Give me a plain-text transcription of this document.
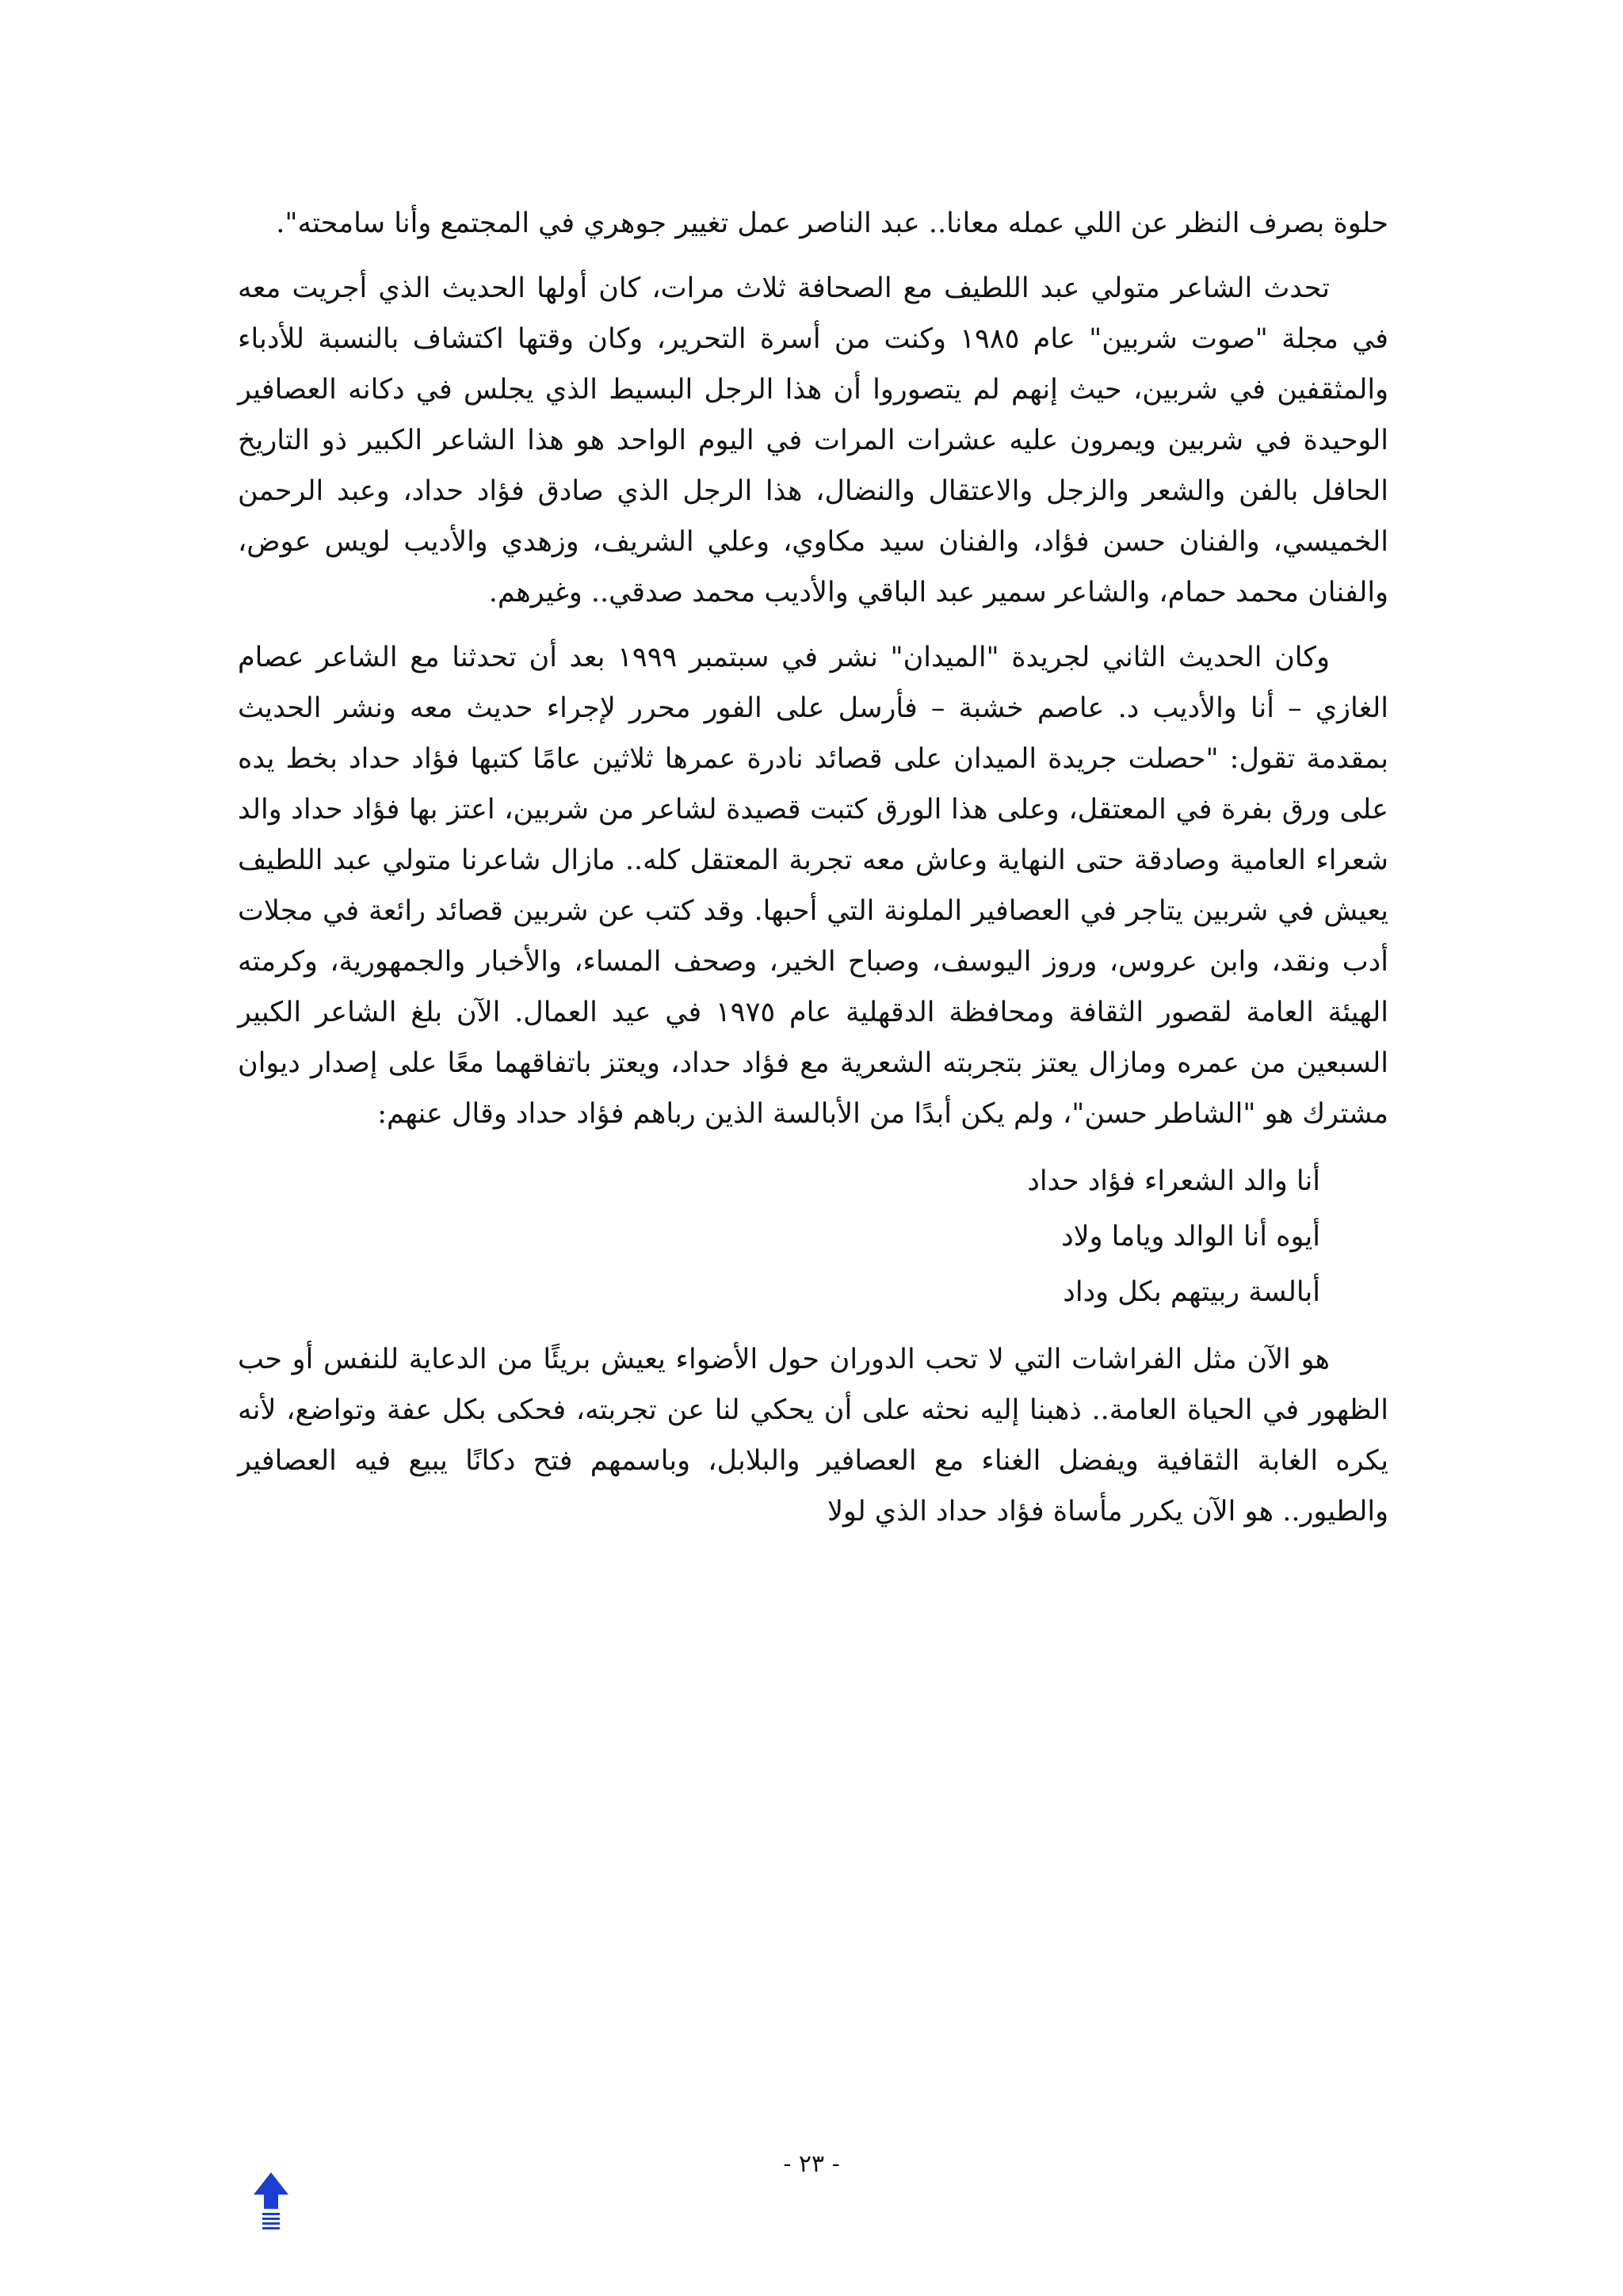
حلوة بصرف النظر عن اللي عمله معانا.. عبد الناصر عمل تغيير جوهري في المجتمع وأنا سامحته".

تحدث الشاعر متولي عبد اللطيف مع الصحافة ثلاث مرات، كان أولها الحديث الذي أجريت معه في مجلة "صوت شربين" عام ١٩٨٥ وكنت من أسرة التحرير، وكان وقتها اكتشاف بالنسبة للأدباء والمثقفين في شربين، حيث إنهم لم يتصوروا أن هذا الرجل البسيط الذي يجلس في دكانه العصافير الوحيدة في شربين ويمرون عليه عشرات المرات في اليوم الواحد هو هذا الشاعر الكبير ذو التاريخ الحافل بالفن والشعر والزجل والاعتقال والنضال، هذا الرجل الذي صادق فؤاد حداد، وعبد الرحمن الخميسي، والفنان حسن فؤاد، والفنان سيد مكاوي، وعلي الشريف، وزهدي والأديب لويس عوض، والفنان محمد حمام، والشاعر سمير عبد الباقي والأديب محمد صدقي.. وغيرهم.

وكان الحديث الثاني لجريدة "الميدان" نشر في سبتمبر ١٩٩٩ بعد أن تحدثنا مع الشاعر عصام الغازي – أنا والأديب د. عاصم خشبة – فأرسل على الفور محرر لإجراء حديث معه ونشر الحديث بمقدمة تقول: "حصلت جريدة الميدان على قصائد نادرة عمرها ثلاثين عامًا كتبها فؤاد حداد بخط يده على ورق بفرة في المعتقل، وعلى هذا الورق كتبت قصيدة لشاعر من شربين، اعتز بها فؤاد حداد والد شعراء العامية وصادقة حتى النهاية وعاش معه تجربة المعتقل كله.. مازال شاعرنا متولي عبد اللطيف يعيش في شربين يتاجر في العصافير الملونة التي أحبها. وقد كتب عن شربين قصائد رائعة في مجلات أدب ونقد، وابن عروس، وروز اليوسف، وصباح الخير، وصحف المساء، والأخبار والجمهورية، وكرمته الهيئة العامة لقصور الثقافة ومحافظة الدقهلية عام ١٩٧٥ في عيد العمال. الآن بلغ الشاعر الكبير السبعين من عمره ومازال يعتز بتجربته الشعرية مع فؤاد حداد، ويعتز باتفاقهما معًا على إصدار ديوان مشترك هو "الشاطر حسن"، ولم يكن أبدًا من الأبالسة الذين رباهم فؤاد حداد وقال عنهم:

أنا والد الشعراء فؤاد حداد
أيوه أنا الوالد وياما ولاد
أبالسة ربيتهم بكل وداد

هو الآن مثل الفراشات التي لا تحب الدوران حول الأضواء يعيش بريئًا من الدعاية للنفس أو حب الظهور في الحياة العامة.. ذهبنا إليه نحثه على أن يحكي لنا عن تجربته، فحكى بكل عفة وتواضع، لأنه يكره الغابة الثقافية ويفضل الغناء مع العصافير والبلابل، وباسمهم فتح دكانًا يبيع فيه العصافير والطيور.. هو الآن يكرر مأساة فؤاد حداد الذي لولا

- ٢٣ -
